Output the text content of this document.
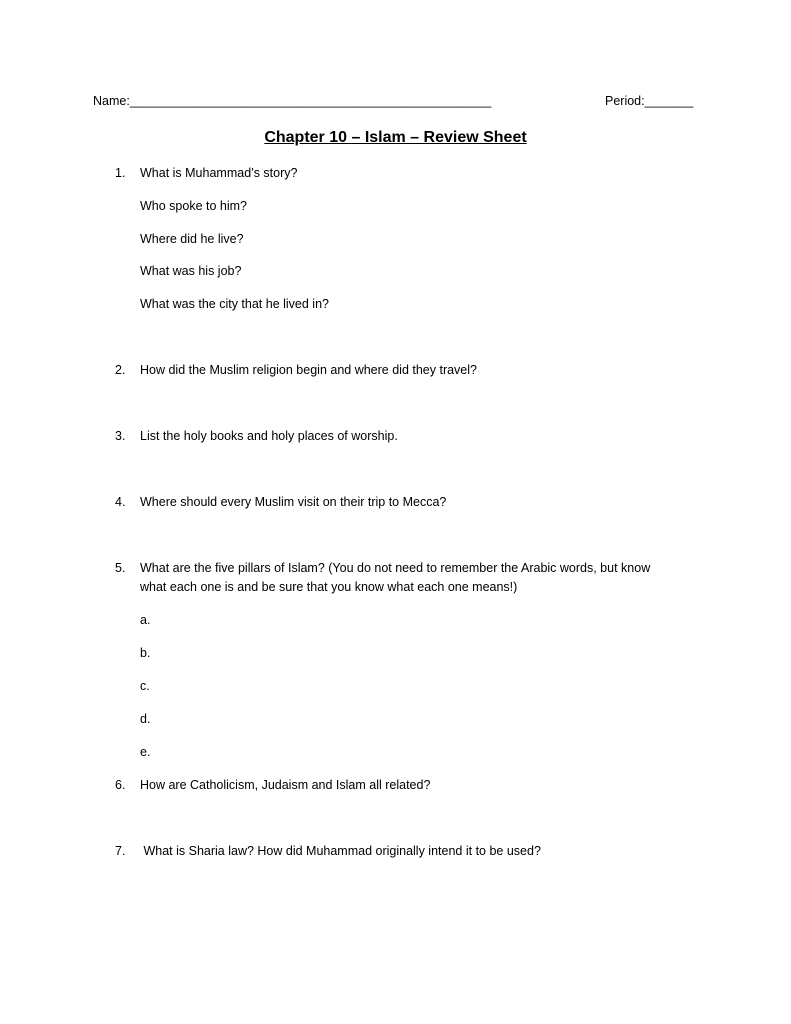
Name:____________________________________________________	Period:_______
Chapter 10 – Islam – Review Sheet
1. What is Muhammad’s story?
Who spoke to him?
Where did he live?
What was his job?
What was the city that he lived in?
2. How did the Muslim religion begin and where did they travel?
3. List the holy books and holy places of worship.
4. Where should every Muslim visit on their trip to Mecca?
5. What are the five pillars of Islam? (You do not need to remember the Arabic words, but know
what each one is and be sure that you know what each one means!)
a.
b.
c.
d.
e.
6. How are Catholicism, Judaism and Islam all related?
7. What is Sharia law? How did Muhammad originally intend it to be used?
